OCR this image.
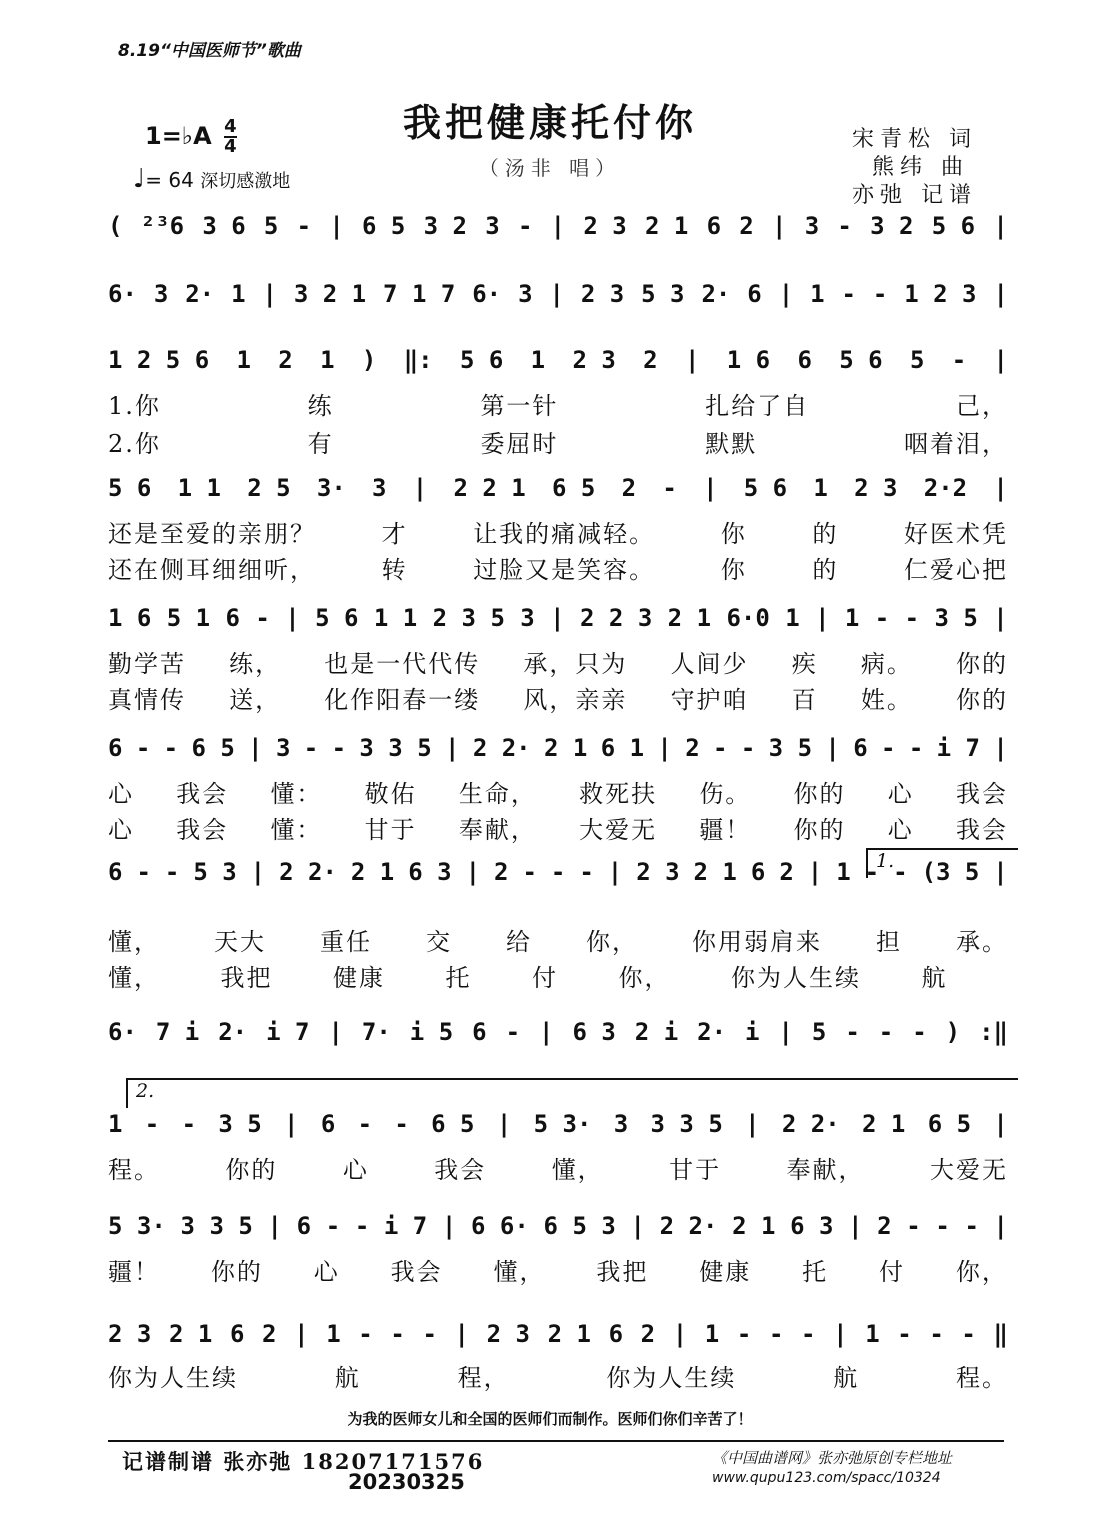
8.19“中国医师节”歌曲
我把健康托付你
（汤非 唱）
宋青松 词
熊纬 曲
亦弛 记谱
1=♭A $\frac{4}{4}$
♩= 64 深切感激地
( ²³6 3 6 5 - | 6 5 3 2 3 - | 2 3 2 1 6 2 | 3 - 3 2 5 6 |
6· 3 2· 1 | 3 2 1 7 1 7 6· 3 | 2 3 5 3 2· 6 | 1 - - 1 2 3 |
1 2 5 6 1 2 1 ) ‖: 5 6 1 2 3 2 | 1 6 6 5 6 5 - |
1.你	练	第一针	扎给了自	己，
2.你	有	委屈时	默默	咽着泪，
5 6 1 1 2 5 3· 3 | 2 2 1 6 5 2 - | 5 6 1 2 3 2·2 |
还是至爱的亲朋？	才	让我的痛减轻。	你	的	好医术凭
还在侧耳细细听，	转	过脸又是笑容。	你	的	仁爱心把
1 6 5 1 6 - | 5 6 1 1 2 3 5 3 | 2 2 3 2 1 6·0 1 | 1 - - 3 5 |
勤学苦 练， 也是一代代传 承，只为 人间少 疾 病。 你的
真情传 送， 化作阳春一缕 风，亲亲 守护咱 百 姓。 你的
6 - - 6 5 | 3 - - 3 3 5 | 2 2· 2 1 6 1 | 2 - - 3 5 | 6 - - i 7 |
心 我会 懂： 敬佑 生命， 救死扶 伤。 你的 心 我会
心 我会 懂： 甘于 奉献， 大爱无 疆！ 你的 心 我会
1.
6 - - 5 3 | 2 2· 2 1 6 3 | 2 - - - | 2 3 2 1 6 2 | 1 - - (3 5 |
懂， 天大 重任 交 给 你， 你用弱肩来 担 承。
懂，	我把	健康	托	付	你，	你为人生续	航
6· 7 i 2· i 7 | 7· i 5 6 - | 6 3 2 i 2· i | 5 - - - ) :‖
2.
1 - - 3 5 | 6 - - 6 5 | 5 3· 3 3 3 5 | 2 2· 2 1 6 5 |
程。	你的	心	我会	懂，	甘于	奉献，	大爱无
5 3· 3 3 5 | 6 - - i 7 | 6 6· 6 5 3 | 2 2· 2 1 6 3 | 2 - - - |
疆！ 你的 心 我会 懂， 我把 健康 托 付 你，
2 3 2 1 6 2 | 1 - - - | 2 3 2 1 6 2 | 1 - - - | 1 - - - ‖
你为人生续	航	程，	你为人生续	航	程。
为我的医师女儿和全国的医师们而制作。医师们你们辛苦了！
记谱制谱 张亦弛 18207171576
20230325
《中国曲谱网》张亦弛原创专栏地址
www.qupu123.com/spacc/10324
